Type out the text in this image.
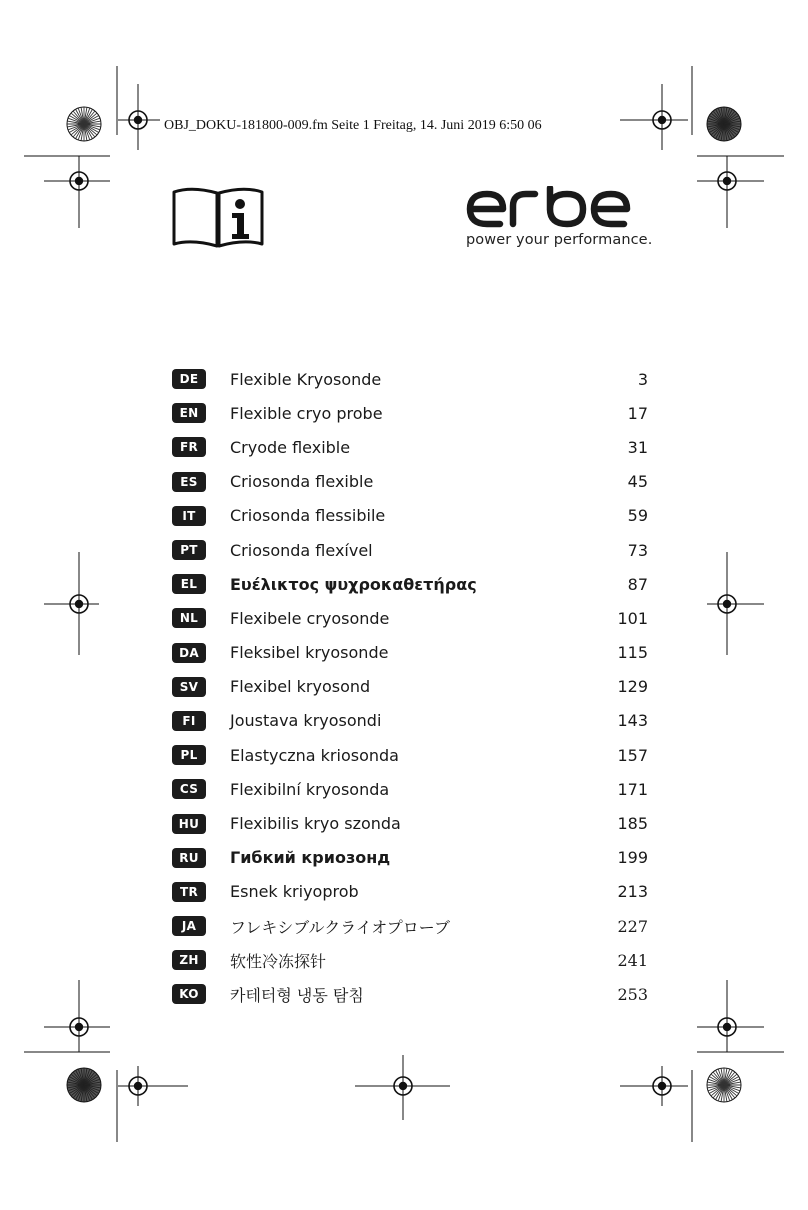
OBJ_DOKU-181800-009.fm Seite 1 Freitag, 14. Juni 2019 6:50 06
power your performance.
DE	Flexible Kryosonde	3
EN	Flexible cryo probe	17
FR	Cryode flexible	31
ES	Criosonda flexible	45
IT	Criosonda flessibile	59
PT	Criosonda flexível	73
EL	Ευέλικτος ψυχροκαθετήρας	87
NL	Flexibele cryosonde	101
DA	Fleksibel kryosonde	115
SV	Flexibel kryosond	129
FI	Joustava kryosondi	143
PL	Elastyczna kriosonda	157
CS	Flexibilní kryosonda	171
HU	Flexibilis kryo szonda	185
RU	Гибкий криозонд	199
TR	Esnek kriyoprob	213
JA	フレキシブルクライオプローブ	227
ZH	软性冷冻探针	241
KO	카테터형 냉동 탐침	253
